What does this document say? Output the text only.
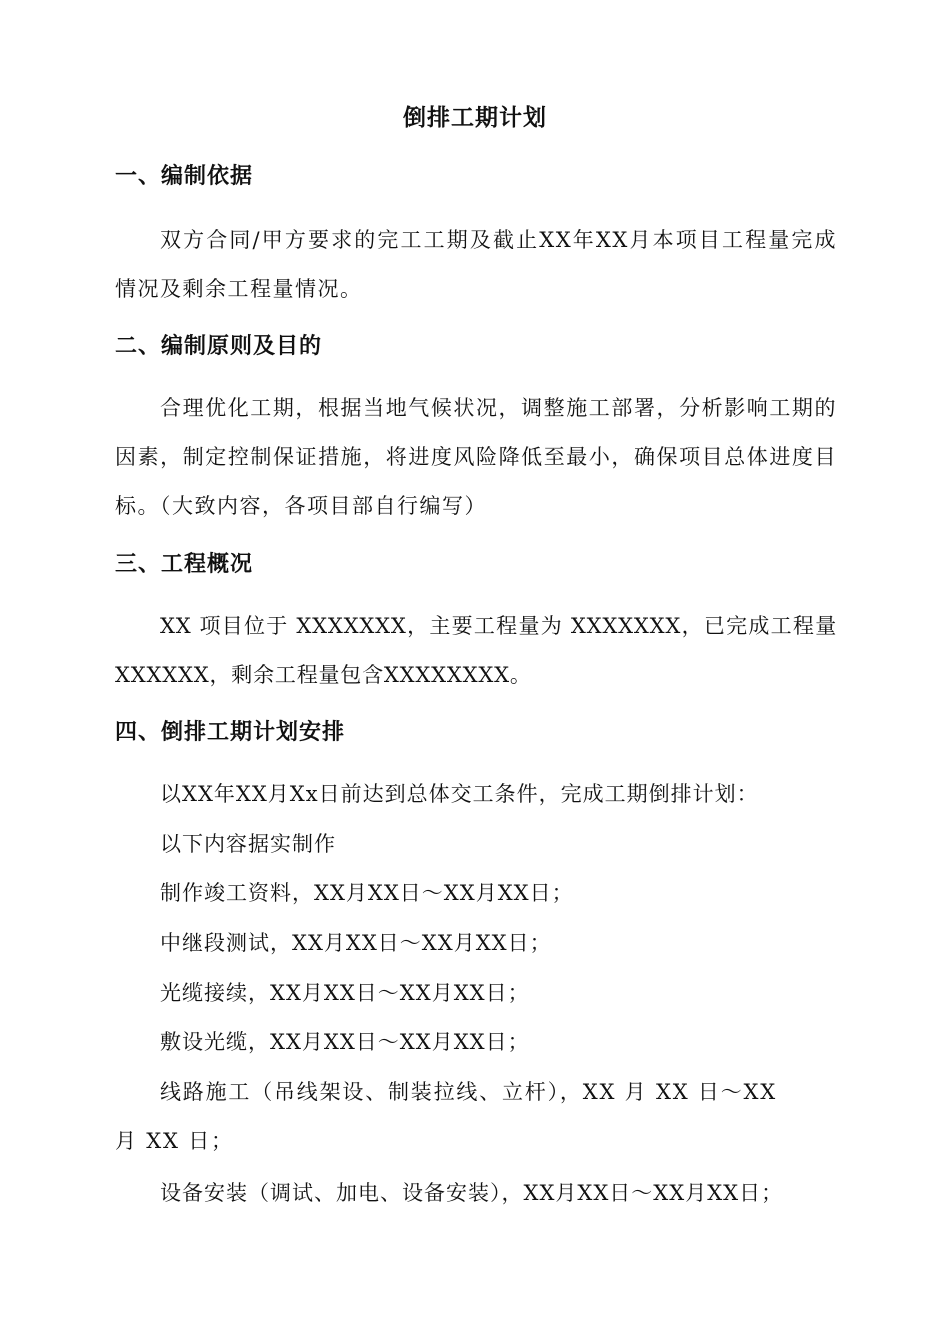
倒排工期计划
一、编制依据
双方合同/甲方要求的完工工期及截止XX年XX月本项目工程量完成情况及剩余工程量情况。
二、编制原则及目的
合理优化工期，根据当地气候状况，调整施工部署，分析影响工期的因素，制定控制保证措施，将进度风险降低至最小，确保项目总体进度目标。（大致内容，各项目部自行编写）
三、工程概况
XX 项目位于 XXXXXXX，主要工程量为 XXXXXXX，已完成工程量XXXXXX，剩余工程量包含XXXXXXXX。
四、倒排工期计划安排
以XX年XX月Xx日前达到总体交工条件，完成工期倒排计划：
以下内容据实制作
制作竣工资料，XX月XX日～XX月XX日；
中继段测试，XX月XX日～XX月XX日；
光缆接续，XX月XX日～XX月XX日；
敷设光缆，XX月XX日～XX月XX日；
线路施工（吊线架设、制装拉线、立杆），XX 月 XX 日～XX 月 XX 日；
设备安装（调试、加电、设备安装），XX月XX日～XX月XX日；
